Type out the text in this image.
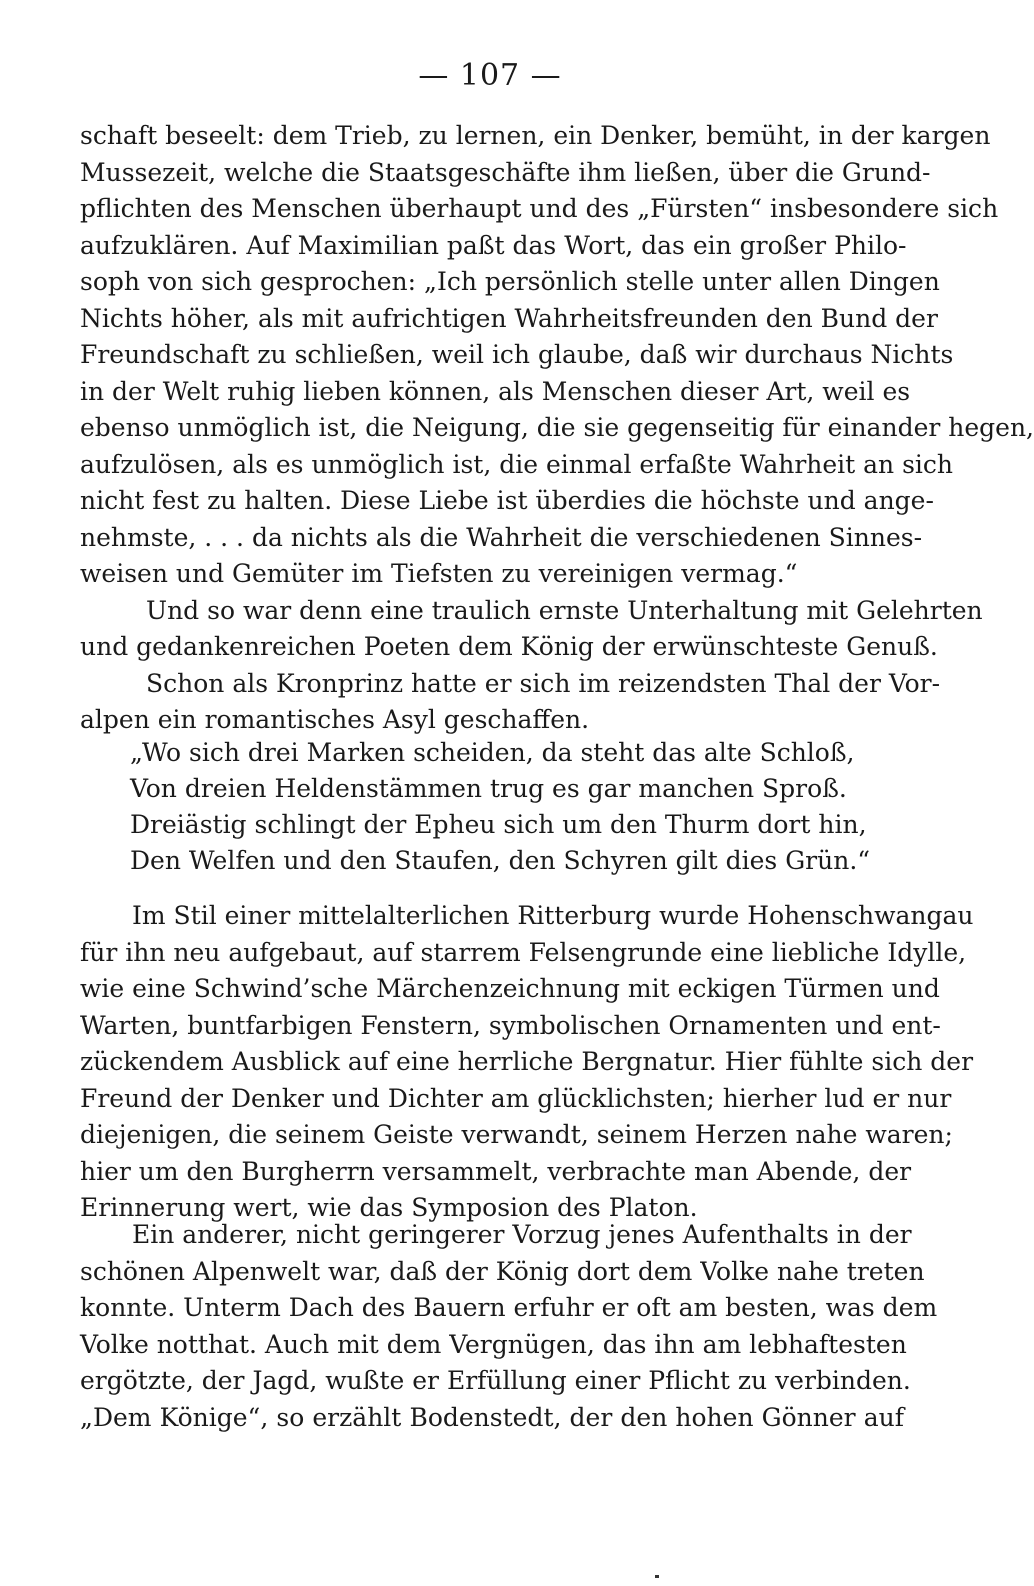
— 107 —
schaft beseelt: dem Trieb, zu lernen, ein Denker, bemüht, in der kargen
Mussezeit, welche die Staatsgeschäfte ihm ließen, über die Grund-
pflichten des Menschen überhaupt und des „Fürsten“ insbesondere sich
aufzuklären. Auf Maximilian paßt das Wort, das ein großer Philo-
soph von sich gesprochen: „Ich persönlich stelle unter allen Dingen
Nichts höher, als mit aufrichtigen Wahrheitsfreunden den Bund der
Freundschaft zu schließen, weil ich glaube, daß wir durchaus Nichts
in der Welt ruhig lieben können, als Menschen dieser Art, weil es
ebenso unmöglich ist, die Neigung, die sie gegenseitig für einander hegen,
aufzulösen, als es unmöglich ist, die einmal erfaßte Wahrheit an sich
nicht fest zu halten. Diese Liebe ist überdies die höchste und ange-
nehmste, . . . da nichts als die Wahrheit die verschiedenen Sinnes-
weisen und Gemüter im Tiefsten zu vereinigen vermag.“
Und so war denn eine traulich ernste Unterhaltung mit Gelehrten
und gedankenreichen Poeten dem König der erwünschteste Genuß.
Schon als Kronprinz hatte er sich im reizendsten Thal der Vor-
alpen ein romantisches Asyl geschaffen.
„Wo sich drei Marken scheiden, da steht das alte Schloß,
Von dreien Heldenstämmen trug es gar manchen Sproß.
Dreiästig schlingt der Epheu sich um den Thurm dort hin,
Den Welfen und den Staufen, den Schyren gilt dies Grün.“
Im Stil einer mittelalterlichen Ritterburg wurde Hohenschwangau
für ihn neu aufgebaut, auf starrem Felsengrunde eine liebliche Idylle,
wie eine Schwind’sche Märchenzeichnung mit eckigen Türmen und
Warten, buntfarbigen Fenstern, symbolischen Ornamenten und ent-
zückendem Ausblick auf eine herrliche Bergnatur. Hier fühlte sich der
Freund der Denker und Dichter am glücklichsten; hierher lud er nur
diejenigen, die seinem Geiste verwandt, seinem Herzen nahe waren;
hier um den Burgherrn versammelt, verbrachte man Abende, der
Erinnerung wert, wie das Symposion des Platon.
Ein anderer, nicht geringerer Vorzug jenes Aufenthalts in der
schönen Alpenwelt war, daß der König dort dem Volke nahe treten
konnte. Unterm Dach des Bauern erfuhr er oft am besten, was dem
Volke notthat. Auch mit dem Vergnügen, das ihn am lebhaftesten
ergötzte, der Jagd, wußte er Erfüllung einer Pflicht zu verbinden.
„Dem Könige“, so erzählt Bodenstedt, der den hohen Gönner auf
